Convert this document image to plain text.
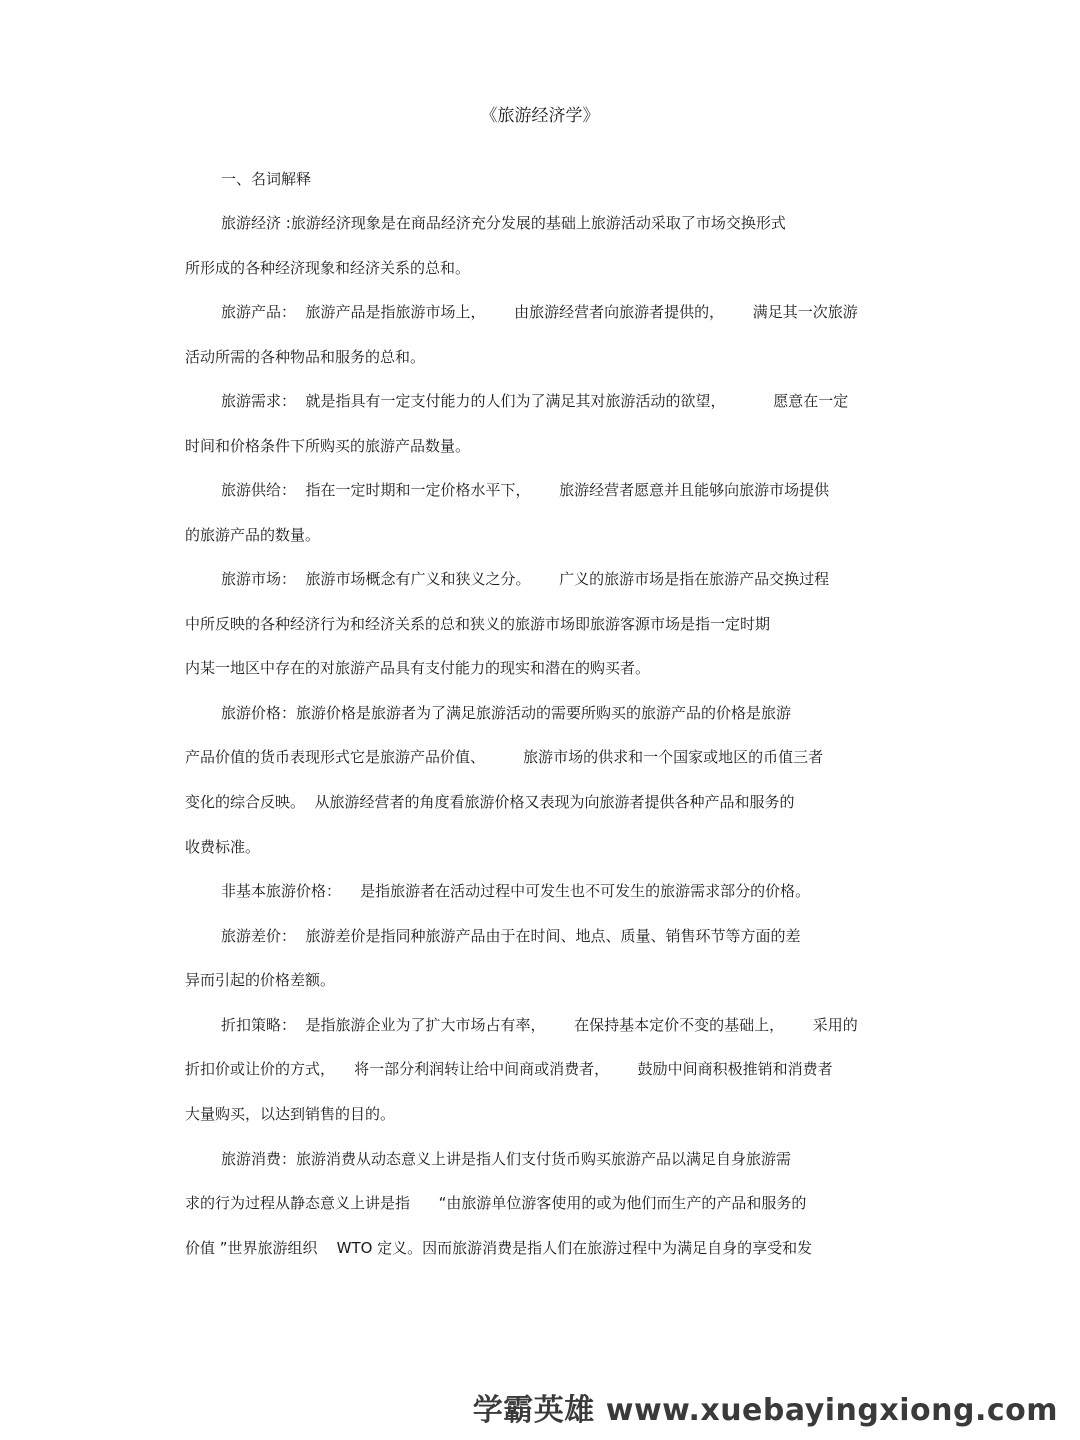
《旅游经济学》
一、名词解释
旅游经济 :旅游经济现象是在商品经济充分发展的基础上旅游活动采取了市场交换形式
所形成的各种经济现象和经济关系的总和。
旅游产品：  旅游产品是指旅游市场上，      由旅游经营者向旅游者提供的，      满足其一次旅游
活动所需的各种物品和服务的总和。
旅游需求：  就是指具有一定支付能力的人们为了满足其对旅游活动的欲望，          愿意在一定
时间和价格条件下所购买的旅游产品数量。
旅游供给：  指在一定时期和一定价格水平下，      旅游经营者愿意并且能够向旅游市场提供
的旅游产品的数量。
旅游市场：  旅游市场概念有广义和狭义之分。      广义的旅游市场是指在旅游产品交换过程
中所反映的各种经济行为和经济关系的总和狭义的旅游市场即旅游客源市场是指一定时期
内某一地区中存在的对旅游产品具有支付能力的现实和潜在的购买者。
旅游价格：旅游价格是旅游者为了满足旅游活动的需要所购买的旅游产品的价格是旅游
产品价值的货币表现形式它是旅游产品价值、        旅游市场的供求和一个国家或地区的币值三者
变化的综合反映。  从旅游经营者的角度看旅游价格又表现为向旅游者提供各种产品和服务的
收费标准。
非基本旅游价格：    是指旅游者在活动过程中可发生也不可发生的旅游需求部分的价格。
旅游差价：  旅游差价是指同种旅游产品由于在时间、地点、质量、销售环节等方面的差
异而引起的价格差额。
折扣策略：  是指旅游企业为了扩大市场占有率，      在保持基本定价不变的基础上，      采用的
折扣价或让价的方式，    将一部分利润转让给中间商或消费者，      鼓励中间商积极推销和消费者
大量购买，以达到销售的目的。
旅游消费：旅游消费从动态意义上讲是指人们支付货币购买旅游产品以满足自身旅游需
求的行为过程从静态意义上讲是指      “由旅游单位游客使用的或为他们而生产的产品和服务的
价值 ”世界旅游组织    WTO 定义。因而旅游消费是指人们在旅游过程中为满足自身的享受和发
学霸英雄 www.xuebayingxiong.com
